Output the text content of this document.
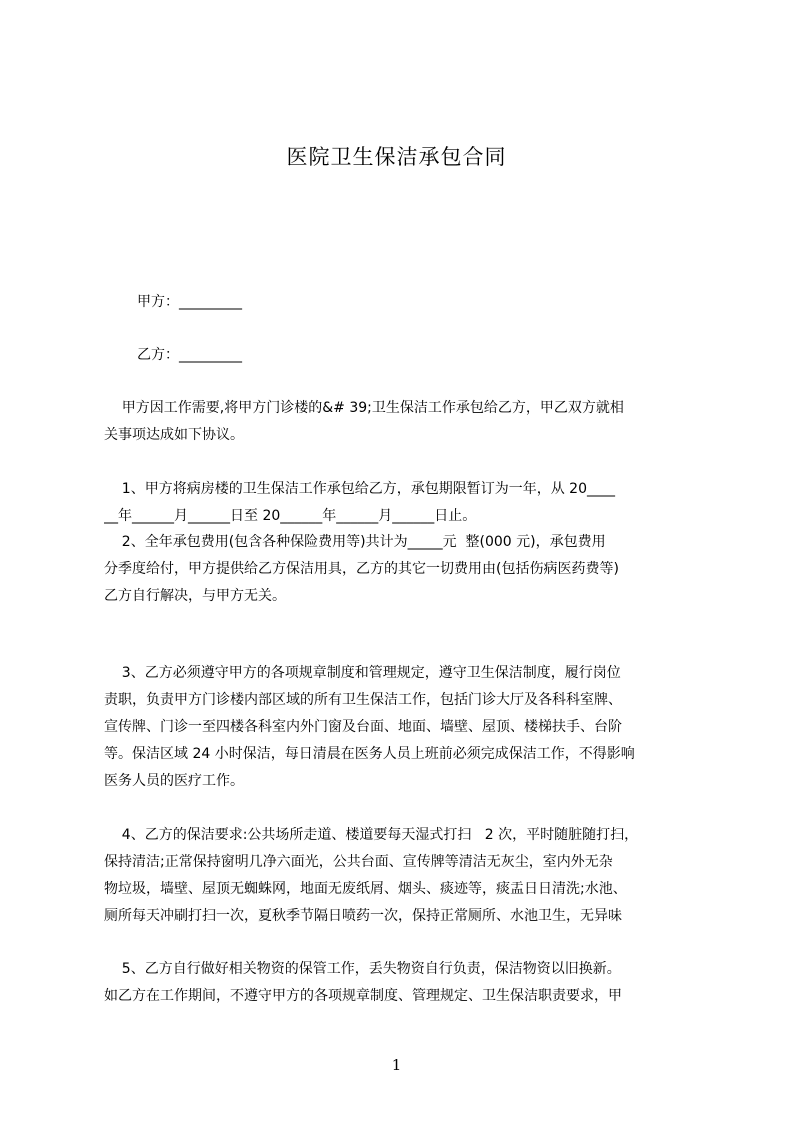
医院卫生保洁承包合同
甲方：_________
乙方：_________
甲方因工作需要,将甲方门诊楼的&# 39;卫生保洁工作承包给乙方，甲乙双方就相
关事项达成如下协议。
1、甲方将病房楼的卫生保洁工作承包给乙方，承包期限暂订为一年，从 20____
__年______月______日至 20______年______月______日止。
2、全年承包费用(包含各种保险费用等)共计为_____元  整(000 元)，承包费用
分季度给付，甲方提供给乙方保洁用具，乙方的其它一切费用由(包括伤病医药费等)
乙方自行解决，与甲方无关。
3、乙方必须遵守甲方的各项规章制度和管理规定，遵守卫生保洁制度，履行岗位
责职，负责甲方门诊楼内部区域的所有卫生保洁工作，包括门诊大厅及各科科室牌、
宣传牌、门诊一至四楼各科室内外门窗及台面、地面、墙壁、屋顶、楼梯扶手、台阶
等。保洁区域 24 小时保洁，每日清晨在医务人员上班前必须完成保洁工作，不得影响
医务人员的医疗工作。
4、乙方的保洁要求:公共场所走道、楼道要每天湿式打扫   2 次，平时随脏随打扫，
保持清洁;正常保持窗明几净六面光，公共台面、宣传牌等清洁无灰尘，室内外无杂
物垃圾，墙壁、屋顶无蜘蛛网，地面无废纸屑、烟头、痰迹等，痰盂日日清洗;水池、
厕所每天冲刷打扫一次，夏秋季节隔日喷药一次，保持正常厕所、水池卫生，无异味
5、乙方自行做好相关物资的保管工作，丢失物资自行负责，保洁物资以旧换新。
如乙方在工作期间，不遵守甲方的各项规章制度、管理规定、卫生保洁职责要求，甲
1
